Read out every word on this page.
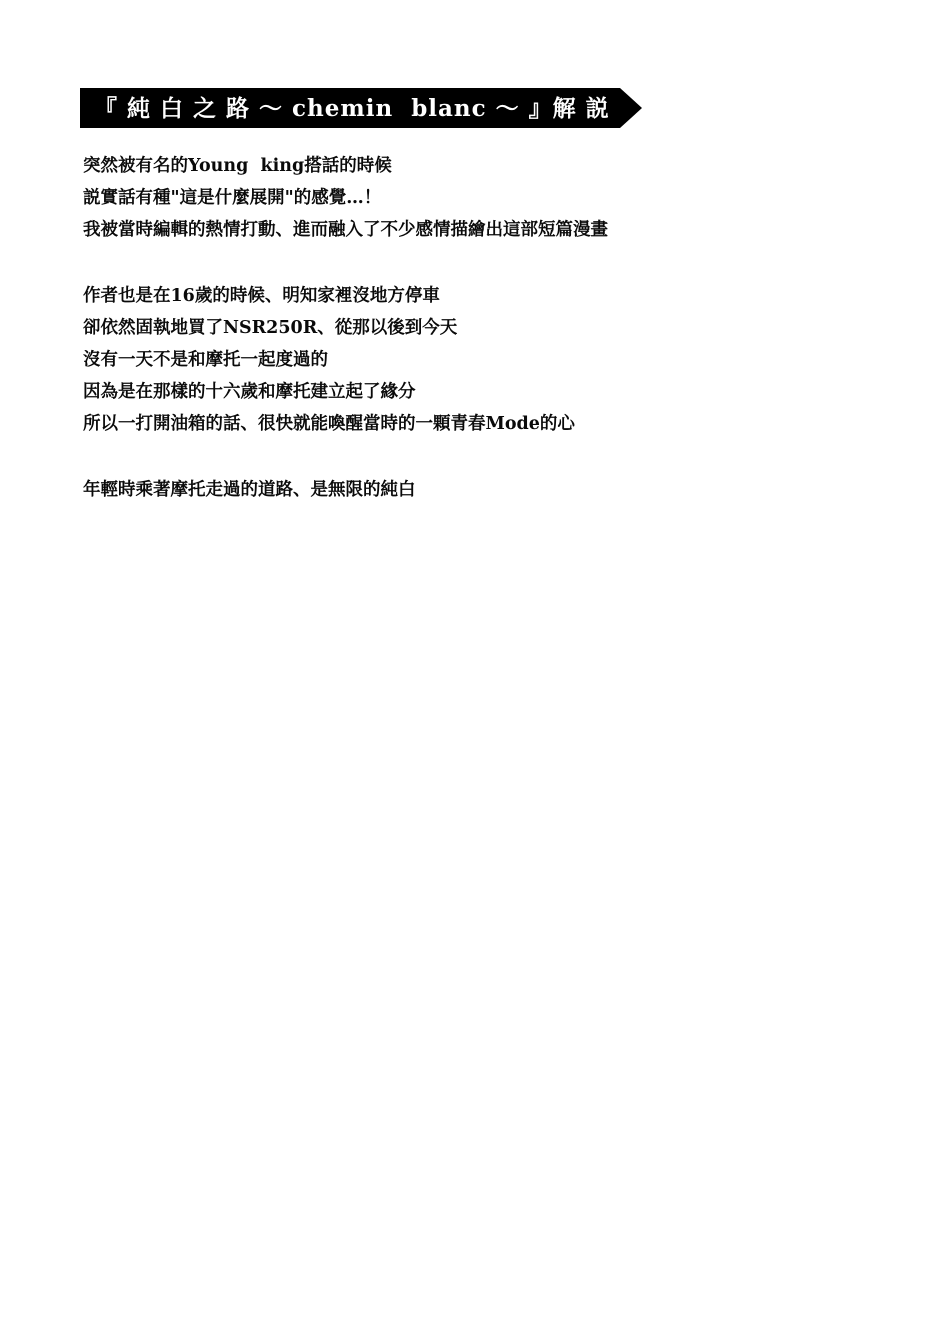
『 純 白 之 路 ～ chemin  blanc ～ 』解 説
突然被有名的Young  king搭話的時候
説實話有種"這是什麼展開"的感覺…！
我被當時編輯的熱情打動、進而融入了不少感情描繪出這部短篇漫畫
作者也是在16歲的時候、明知家裡沒地方停車
卻依然固執地買了NSR250R、從那以後到今天
沒有一天不是和摩托一起度過的
因為是在那樣的十六歲和摩托建立起了緣分
所以一打開油箱的話、很快就能喚醒當時的一顆青春Mode的心
年輕時乘著摩托走過的道路、是無限的純白
